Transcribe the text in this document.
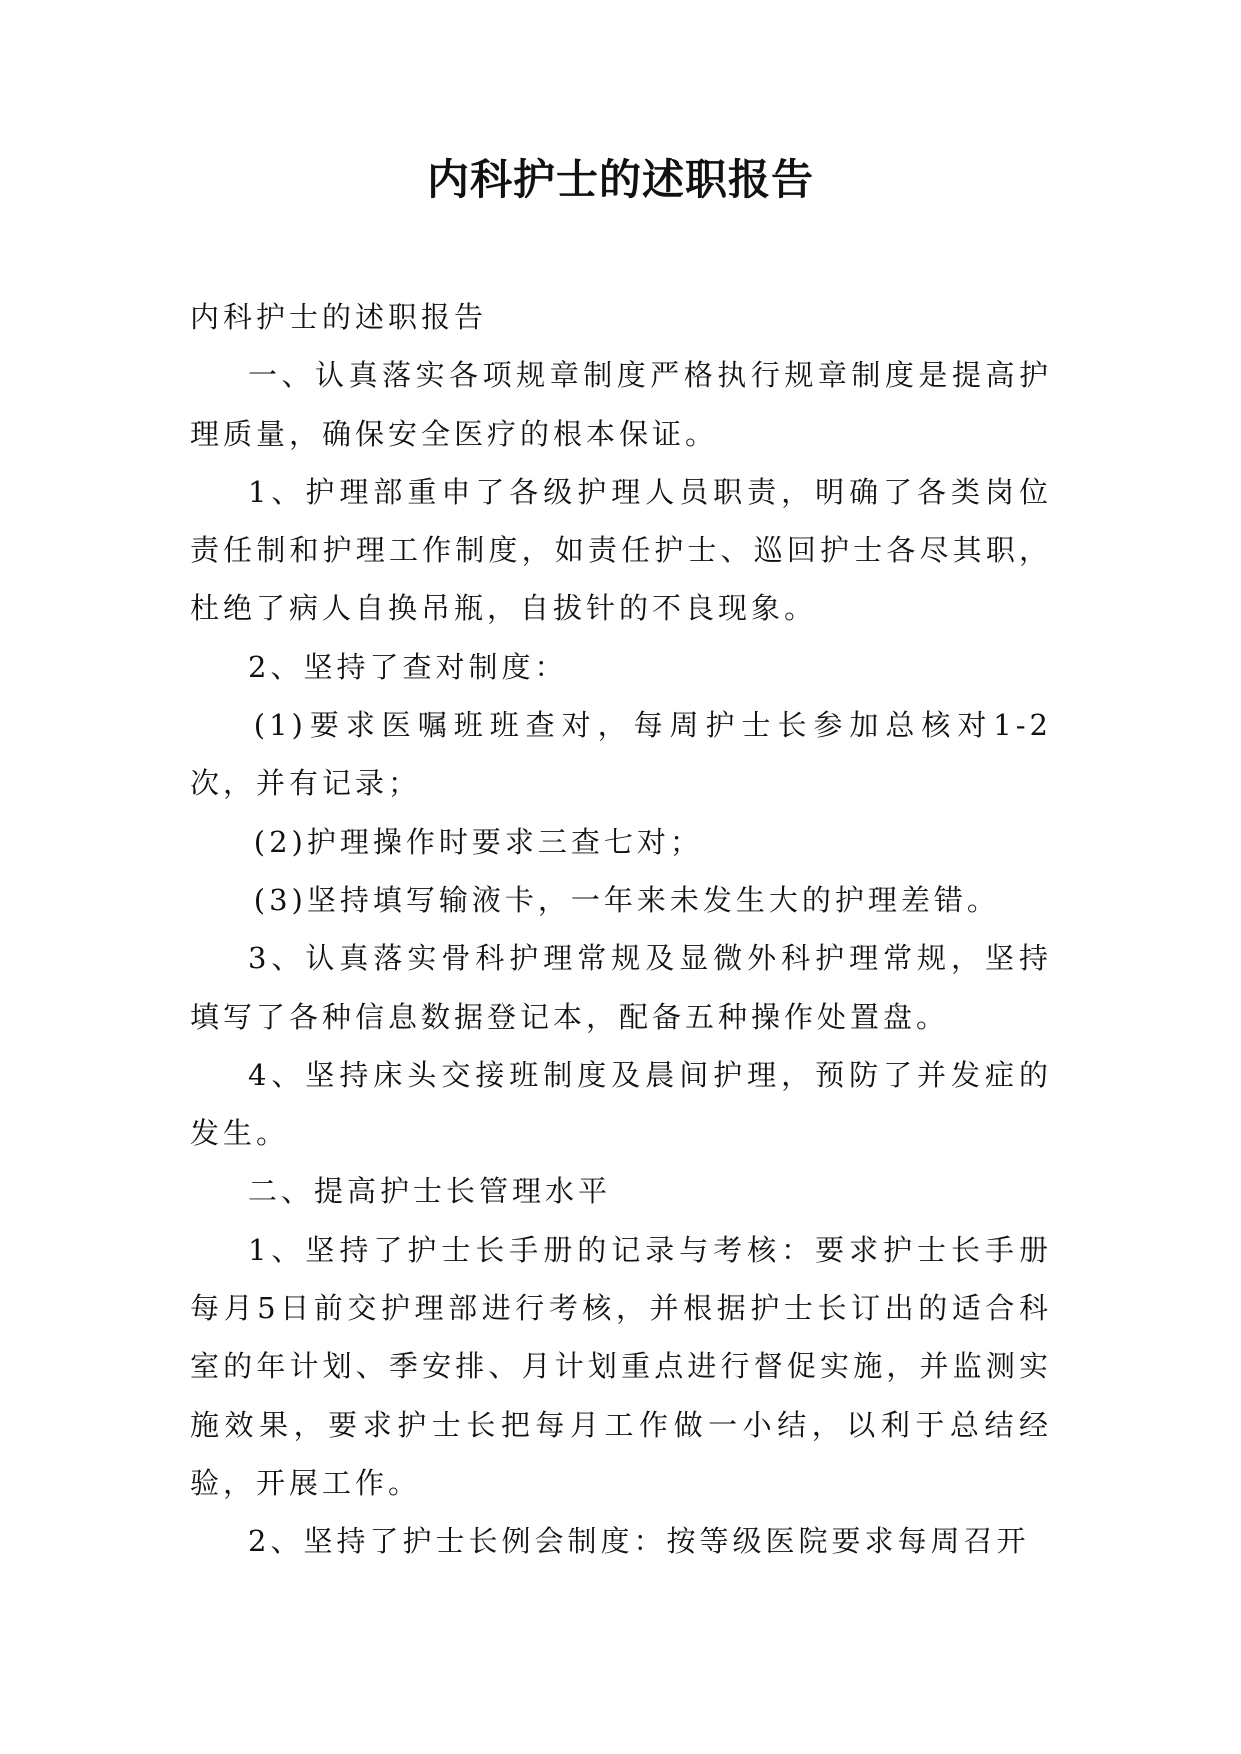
内科护士的述职报告

内科护士的述职报告

一、认真落实各项规章制度严格执行规章制度是提高护理质量，确保安全医疗的根本保证。

1、护理部重申了各级护理人员职责，明确了各类岗位责任制和护理工作制度，如责任护士、巡回护士各尽其职，杜绝了病人自换吊瓶，自拔针的不良现象。

2、坚持了查对制度：

(1)要求医嘱班班查对，每周护士长参加总核对1-2次，并有记录；

(2)护理操作时要求三查七对；

(3)坚持填写输液卡，一年来未发生大的护理差错。

3、认真落实骨科护理常规及显微外科护理常规，坚持填写了各种信息数据登记本，配备五种操作处置盘。

4、坚持床头交接班制度及晨间护理，预防了并发症的发生。

二、提高护士长管理水平

1、坚持了护士长手册的记录与考核：要求护士长手册每月5日前交护理部进行考核，并根据护士长订出的适合科室的年计划、季安排、月计划重点进行督促实施，并监测实施效果，要求护士长把每月工作做一小结，以利于总结经验，开展工作。

2、坚持了护士长例会制度：按等级医院要求每周召开
